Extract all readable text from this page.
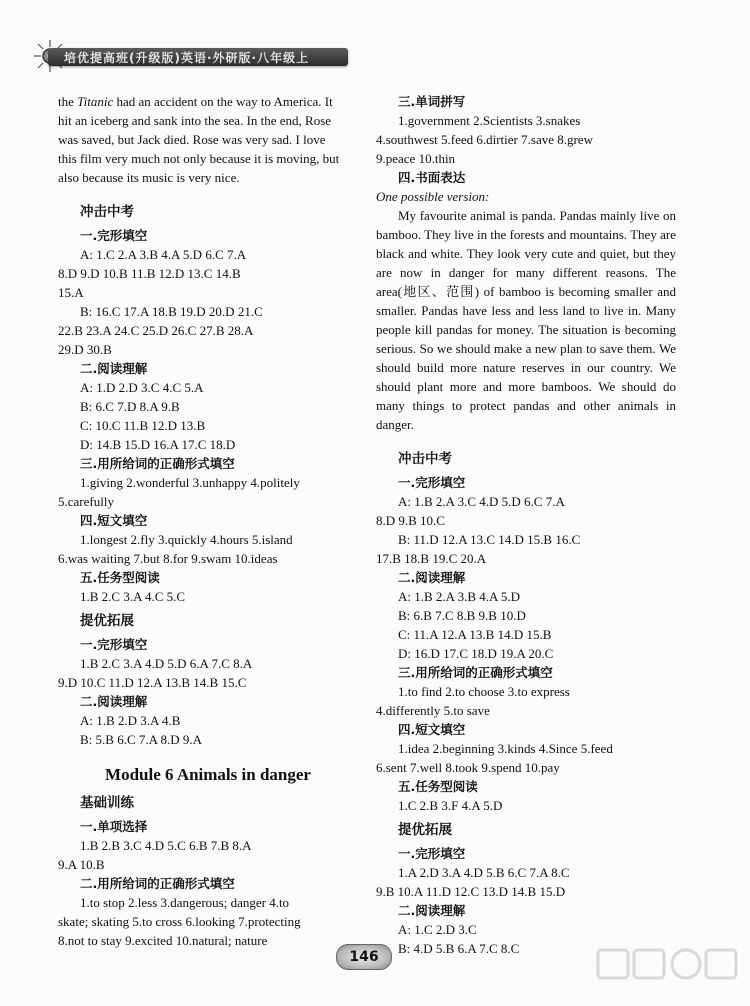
培优提高班(升级版)英语·外研版·八年级上
the Titanic had an accident on the way to America. It
hit an iceberg and sank into the sea. In the end, Rose
was saved, but Jack died. Rose was very sad. I love
this film very much not only because it is moving, but
also because its music is very nice.
冲击中考
一.完形填空
A: 1.C 2.A 3.B 4.A 5.D 6.C 7.A
8.D 9.D 10.B 11.B 12.D 13.C 14.B
15.A
B: 16.C 17.A 18.B 19.D 20.D 21.C
22.B 23.A 24.C 25.D 26.C 27.B 28.A
29.D 30.B
二.阅读理解
A: 1.D 2.D 3.C 4.C 5.A
B: 6.C 7.D 8.A 9.B
C: 10.C 11.B 12.D 13.B
D: 14.B 15.D 16.A 17.C 18.D
三.用所给词的正确形式填空
1.giving 2.wonderful 3.unhappy 4.politely
5.carefully
四.短文填空
1.longest 2.fly 3.quickly 4.hours 5.island
6.was waiting 7.but 8.for 9.swam 10.ideas
五.任务型阅读
1.B 2.C 3.A 4.C 5.C
提优拓展
一.完形填空
1.B 2.C 3.A 4.D 5.D 6.A 7.C 8.A
9.D 10.C 11.D 12.A 13.B 14.B 15.C
二.阅读理解
A: 1.B 2.D 3.A 4.B
B: 5.B 6.C 7.A 8.D 9.A
Module 6 Animals in danger
基础训练
一.单项选择
1.B 2.B 3.C 4.D 5.C 6.B 7.B 8.A
9.A 10.B
二.用所给词的正确形式填空
1.to stop 2.less 3.dangerous; danger 4.to
skate; skating 5.to cross 6.looking 7.protecting
8.not to stay 9.excited 10.natural; nature
三.单词拼写
1.government 2.Scientists 3.snakes
4.southwest 5.feed 6.dirtier 7.save 8.grew
9.peace 10.thin
四.书面表达
One possible version:
My favourite animal is panda. Pandas mainly live on bamboo. They live in the forests and mountains. They are black and white. They look very cute and quiet, but they are now in danger for many different reasons. The area(地区、范围) of bamboo is becoming smaller and smaller. Pandas have less and less land to live in. Many people kill pandas for money. The situation is becoming serious. So we should make a new plan to save them. We should build more nature reserves in our country. We should plant more and more bamboos. We should do many things to protect pandas and other animals in danger.
冲击中考
一.完形填空
A: 1.B 2.A 3.C 4.D 5.D 6.C 7.A
8.D 9.B 10.C
B: 11.D 12.A 13.C 14.D 15.B 16.C
17.B 18.B 19.C 20.A
二.阅读理解
A: 1.B 2.A 3.B 4.A 5.D
B: 6.B 7.C 8.B 9.B 10.D
C: 11.A 12.A 13.B 14.D 15.B
D: 16.D 17.C 18.D 19.A 20.C
三.用所给词的正确形式填空
1.to find 2.to choose 3.to express
4.differently 5.to save
四.短文填空
1.idea 2.beginning 3.kinds 4.Since 5.feed
6.sent 7.well 8.took 9.spend 10.pay
五.任务型阅读
1.C 2.B 3.F 4.A 5.D
提优拓展
一.完形填空
1.A 2.D 3.A 4.D 5.B 6.C 7.A 8.C
9.B 10.A 11.D 12.C 13.D 14.B 15.D
二.阅读理解
A: 1.C 2.D 3.C
B: 4.D 5.B 6.A 7.C 8.C
146
